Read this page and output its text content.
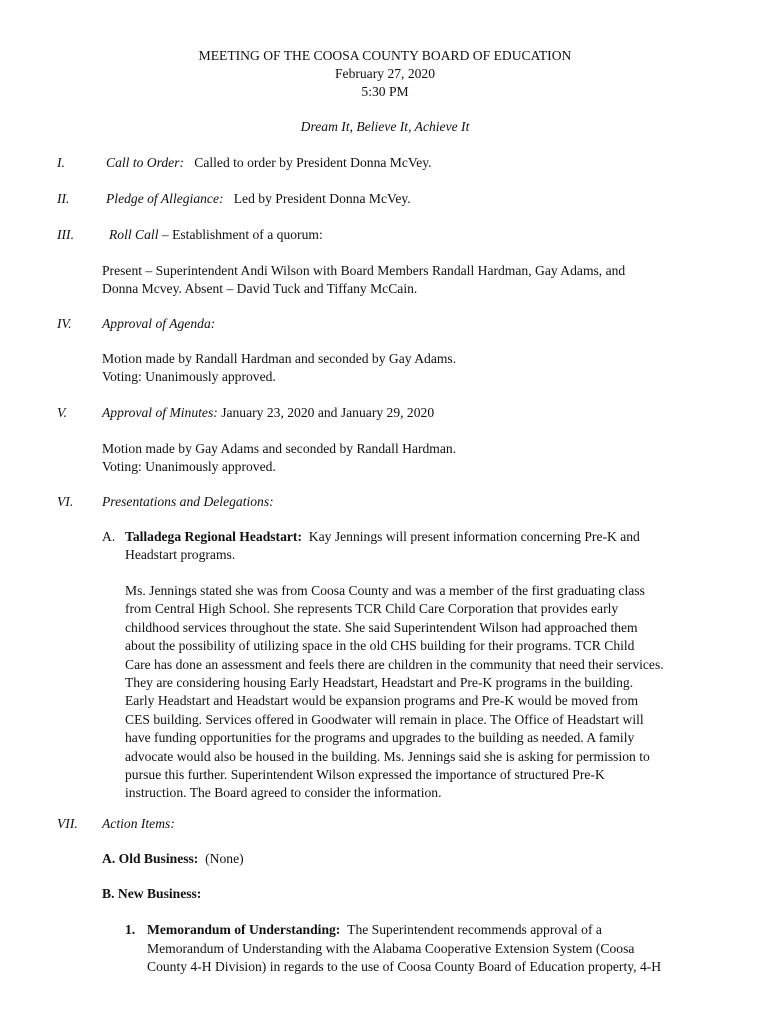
MEETING OF THE COOSA COUNTY BOARD OF EDUCATION
February 27, 2020
5:30 PM
Dream It, Believe It, Achieve It
I.	Call to Order: Called to order by President Donna McVey.
II.	Pledge of Allegiance: Led by President Donna McVey.
III.	Roll Call – Establishment of a quorum:
Present – Superintendent Andi Wilson with Board Members Randall Hardman, Gay Adams, and
Donna Mcvey. Absent – David Tuck and Tiffany McCain.
IV. Approval of Agenda:
Motion made by Randall Hardman and seconded by Gay Adams.
Voting: Unanimously approved.
V.	Approval of Minutes: January 23, 2020 and January 29, 2020
Motion made by Gay Adams and seconded by Randall Hardman.
Voting: Unanimously approved.
VI. Presentations and Delegations:
A. Talladega Regional Headstart: Kay Jennings will present information concerning Pre-K and
Headstart programs.
Ms. Jennings stated she was from Coosa County and was a member of the first graduating class
from Central High School. She represents TCR Child Care Corporation that provides early
childhood services throughout the state. She said Superintendent Wilson had approached them
about the possibility of utilizing space in the old CHS building for their programs. TCR Child
Care has done an assessment and feels there are children in the community that need their services.
They are considering housing Early Headstart, Headstart and Pre-K programs in the building.
Early Headstart and Headstart would be expansion programs and Pre-K would be moved from
CES building. Services offered in Goodwater will remain in place. The Office of Headstart will
have funding opportunities for the programs and upgrades to the building as needed. A family
advocate would also be housed in the building. Ms. Jennings said she is asking for permission to
pursue this further. Superintendent Wilson expressed the importance of structured Pre-K
instruction. The Board agreed to consider the information.
VII. Action Items:
A. Old Business: (None)
B. New Business:
1. Memorandum of Understanding: The Superintendent recommends approval of a
Memorandum of Understanding with the Alabama Cooperative Extension System (Coosa
County 4-H Division) in regards to the use of Coosa County Board of Education property, 4-H
